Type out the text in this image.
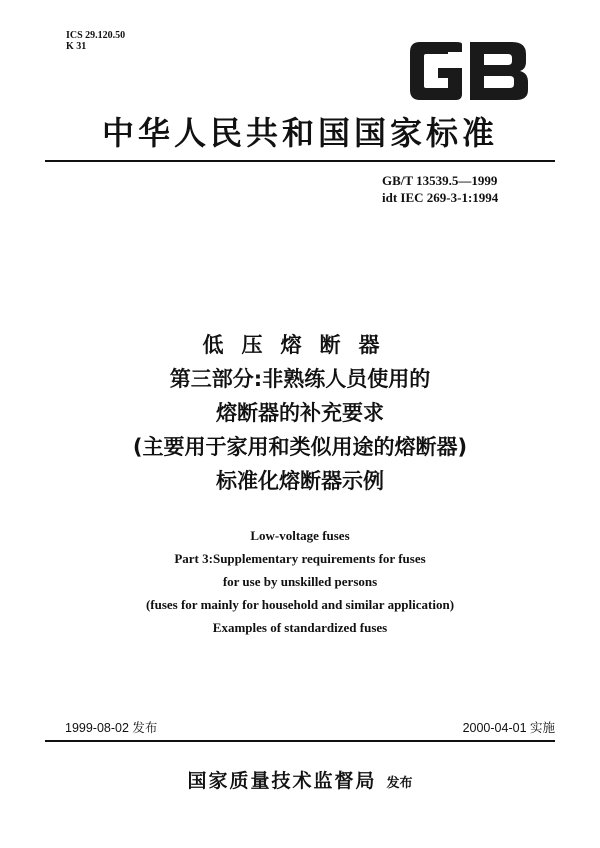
ICS 29.120.50
K 31
GB
中华人民共和国国家标准
GB/T 13539.5—1999
idt IEC 269-3-1:1994
低压熔断器
第三部分:非熟练人员使用的
熔断器的补充要求
(主要用于家用和类似用途的熔断器)
标准化熔断器示例
Low-voltage fuses
Part 3:Supplementary requirements for fuses
for use by unskilled persons
(fuses for mainly for household and similar application)
Examples of standardized fuses
1999-08-02 发布	2000-04-01 实施
国家质量技术监督局 发布
